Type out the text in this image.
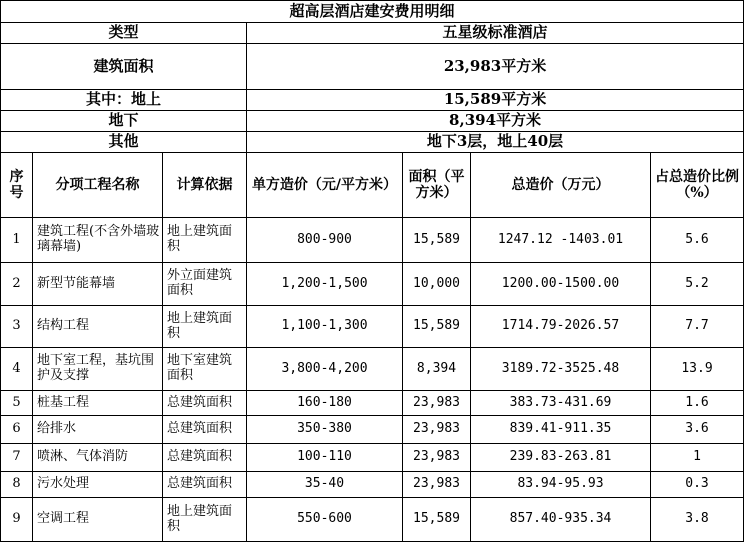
超高层酒店建安费用明细						
类型			五星级标准酒店			
建筑面积			23,983平方米			
其中：地上			15,589平方米			
地下			8,394平方米			
其他			地下3层，地上40层			
序号	分项工程名称	计算依据	单方造价（元/平方米）	面积（平方米）	总造价（万元）	占总造价比例（%）
1	建筑工程(不含外墙玻璃幕墙)	地上建筑面积	800-900	15,589	1247.12 -1403.01	5.6
2	新型节能幕墙	外立面建筑面积	1,200-1,500	10,000	1200.00-1500.00	5.2
3	结构工程	地上建筑面积	1,100-1,300	15,589	1714.79-2026.57	7.7
4	地下室工程，基坑围护及支撑	地下室建筑面积	3,800-4,200	8,394	3189.72-3525.48	13.9
5	桩基工程	总建筑面积	160-180	23,983	383.73-431.69	1.6
6	给排水	总建筑面积	350-380	23,983	839.41-911.35	3.6
7	喷淋、气体消防	总建筑面积	100-110	23,983	239.83-263.81	1
8	污水处理	总建筑面积	35-40	23,983	83.94-95.93	0.3
9	空调工程	地上建筑面积	550-600	15,589	857.40-935.34	3.8
